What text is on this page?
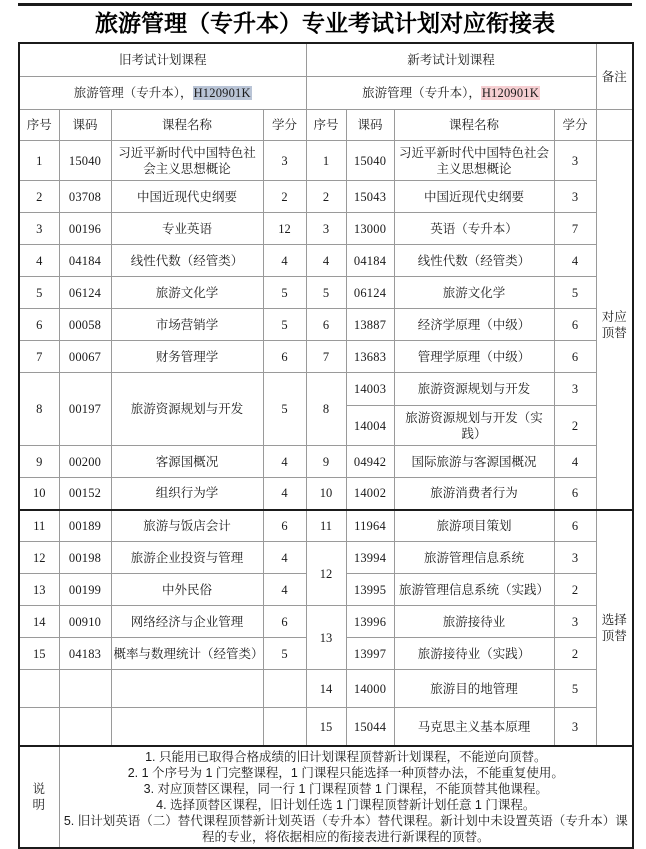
旅游管理（专升本）专业考试计划对应衔接表
旧考试计划课程				新考试计划课程				备注
旅游管理（专升本），H120901K				旅游管理（专升本），H120901K				
序号	课码	课程名称	学分	序号	课码	课程名称	学分	
1	15040	习近平新时代中国特色社会主义思想概论	3	1	15040	习近平新时代中国特色社会主义思想概论	3	对应
顶替
2	03708	中国近现代史纲要	2	2	15043	中国近现代史纲要	3	
3	00196	专业英语	12	3	13000	英语（专升本）	7	
4	04184	线性代数（经管类）	4	4	04184	线性代数（经管类）	4	
5	06124	旅游文化学	5	5	06124	旅游文化学	5	
6	00058	市场营销学	5	6	13887	经济学原理（中级）	6	
7	00067	财务管理学	6	7	13683	管理学原理（中级）	6	
8	00197	旅游资源规划与开发	5	8	14003	旅游资源规划与开发	3	
					14004	旅游资源规划与开发（实践）	2	
9	00200	客源国概况	4	9	04942	国际旅游与客源国概况	4	
10	00152	组织行为学	4	10	14002	旅游消费者行为	6	
11	00189	旅游与饭店会计	6	11	11964	旅游项目策划	6	选择
顶替
12	00198	旅游企业投资与管理	4	12	13994	旅游管理信息系统	3	
13	00199	中外民俗	4		13995	旅游管理信息系统（实践）	2	
14	00910	网络经济与企业管理	6	13	13996	旅游接待业	3	
15	04183	概率与数理统计（经管类）	5		13997	旅游接待业（实践）	2	
				14	14000	旅游目的地管理	5	
				15	15044	马克思主义基本原理	3	
说
明	

1. 只能用已取得合格成绩的旧计划课程顶替新计划课程，不能逆向顶替。

2. 1 个序号为 1 门完整课程，1 门课程只能选择一种顶替办法，不能重复使用。

3. 对应顶替区课程，同一行 1 门课程顶替 1 门课程，不能顶替其他课程。

4. 选择顶替区课程，旧计划任选 1 门课程顶替新计划任意 1 门课程。

5. 旧计划英语（二）替代课程顶替新计划英语（专升本）替代课程。新计划中未设置英语（专升本）课程的专业，将依据相应的衔接表进行新课程的顶替。
